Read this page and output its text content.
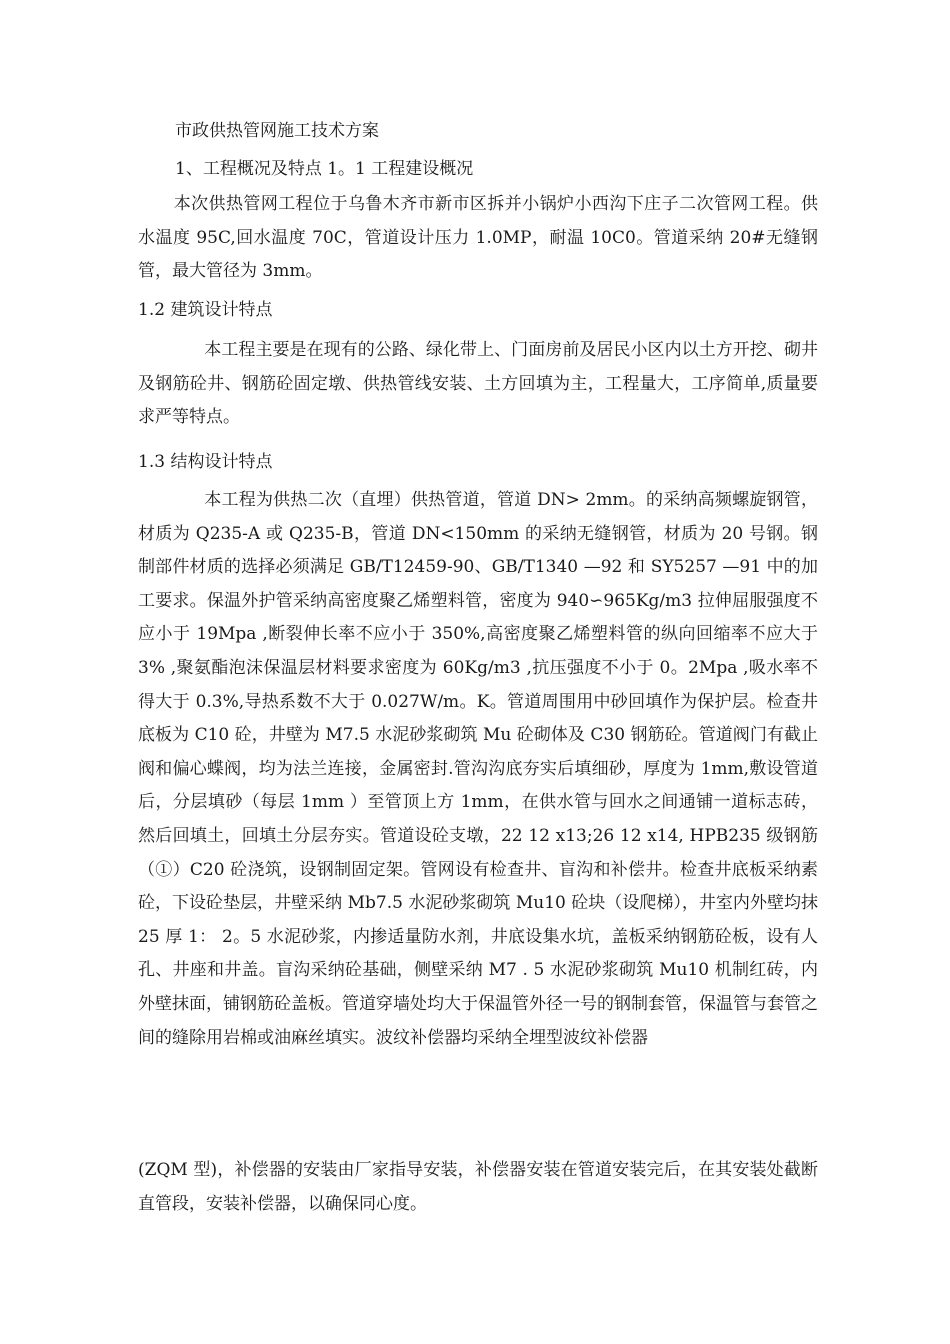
市政供热管网施工技术方案
1、工程概况及特点 1。1 工程建设概况
本次供热管网工程位于乌鲁木齐市新市区拆并小锅炉小西沟下庄子二次管网工程。供水温度 95C,回水温度 70C，管道设计压力 1.0MP，耐温 10C0。管道采纳 20#无缝钢管，最大管径为 3mm。
1.2 建筑设计特点
本工程主要是在现有的公路、绿化带上、门面房前及居民小区内以土方开挖、砌井及钢筋砼井、钢筋砼固定墩、供热管线安装、土方回填为主，工程量大，工序简单,质量要求严等特点。
1.3 结构设计特点
本工程为供热二次（直埋）供热管道，管道 DN> 2mm。的采纳高频螺旋钢管，材质为 Q235-A 或 Q235-B，管道 DN<150mm 的采纳无缝钢管，材质为 20 号钢。钢制部件材质的选择必须满足 GB/T12459-90、GB/T1340 —92 和 SY5257 —91 中的加工要求。保温外护管采纳高密度聚乙烯塑料管，密度为 940∽965Kg/m3 拉伸屈服强度不应小于 19Mpa ,断裂伸长率不应小于 350%,高密度聚乙烯塑料管的纵向回缩率不应大于 3% ,聚氨酯泡沫保温层材料要求密度为 60Kg/m3 ,抗压强度不小于 0。2Mpa ,吸水率不得大于 0.3%,导热系数不大于 0.027W/m。K。管道周围用中砂回填作为保护层。检查井底板为 C10 砼，井壁为 M7.5 水泥砂浆砌筑 Mu 砼砌体及 C30 钢筋砼。管道阀门有截止阀和偏心蝶阀，均为法兰连接，金属密封.管沟沟底夯实后填细砂，厚度为 1mm,敷设管道后，分层填砂（每层 1mm ）至管顶上方 1mm，在供水管与回水之间通铺一道标志砖，然后回填土，回填土分层夯实。管道设砼支墩，22 12 x13;26 12 x14, HPB235 级钢筋（①）C20 砼浇筑，设钢制固定架。管网设有检查井、盲沟和补偿井。检查井底板采纳素砼，下设砼垫层，井壁采纳 Mb7.5 水泥砂浆砌筑 Mu10 砼块（设爬梯），井室内外壁均抹 25 厚 1： 2。5 水泥砂浆，内掺适量防水剂，井底设集水坑，盖板采纳钢筋砼板，设有人孔、井座和井盖。盲沟采纳砼基础，侧壁采纳 M7 . 5 水泥砂浆砌筑 Mu10 机制红砖，内外壁抹面，铺钢筋砼盖板。管道穿墙处均大于保温管外径一号的钢制套管，保温管与套管之间的缝除用岩棉或油麻丝填实。波纹补偿器均采纳全埋型波纹补偿器
(ZQM 型)，补偿器的安装由厂家指导安装，补偿器安装在管道安装完后，在其安装处截断直管段，安装补偿器，以确保同心度。
